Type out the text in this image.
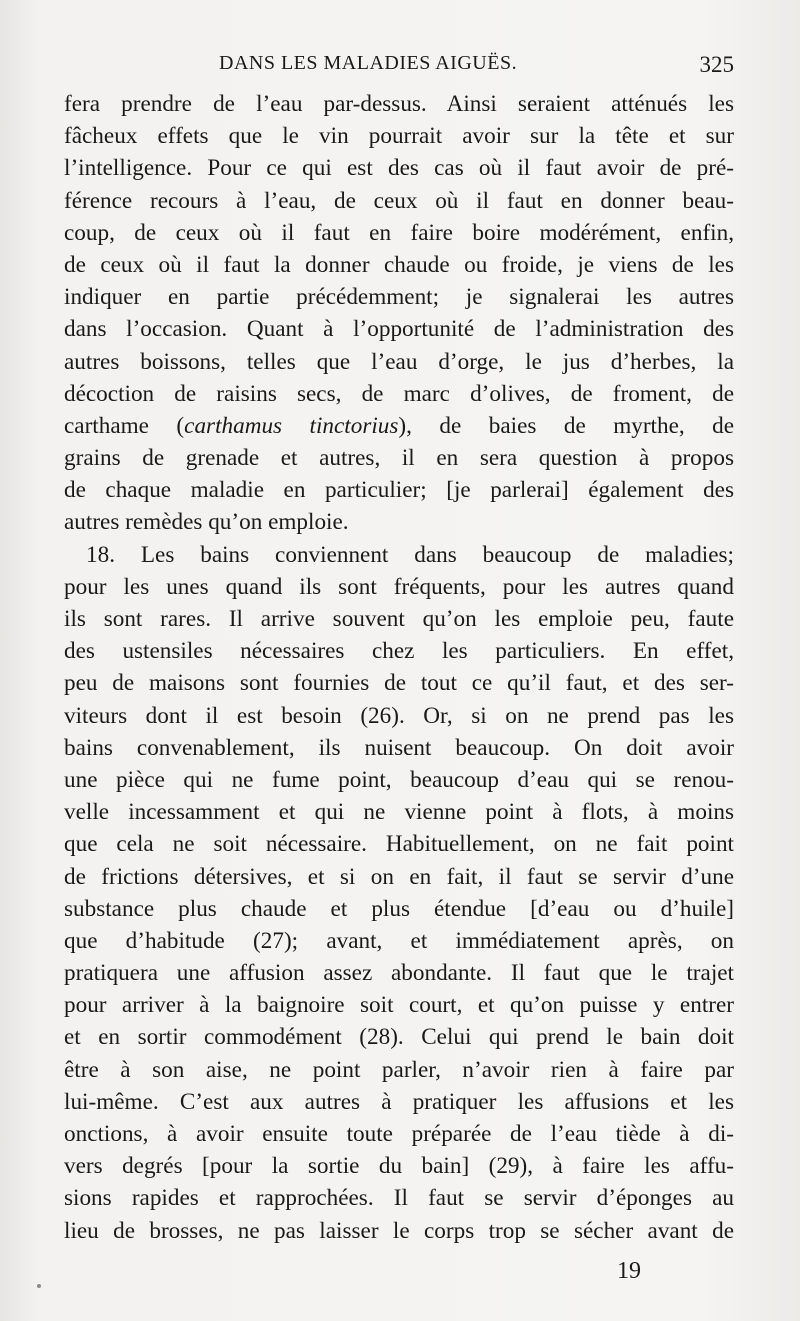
DANS LES MALADIES AIGUËS.	325
fera prendre de l’eau par-dessus. Ainsi seraient atténués les
fâcheux effets que le vin pourrait avoir sur la tête et sur
l’intelligence. Pour ce qui est des cas où il faut avoir de pré-
férence recours à l’eau, de ceux où il faut en donner beau-
coup, de ceux où il faut en faire boire modérément, enfin,
de ceux où il faut la donner chaude ou froide, je viens de les
indiquer en partie précédemment; je signalerai les autres
dans l’occasion. Quant à l’opportunité de l’administration des
autres boissons, telles que l’eau d’orge, le jus d’herbes, la
décoction de raisins secs, de marc d’olives, de froment, de
carthame (carthamus tinctorius), de baies de myrthe, de
grains de grenade et autres, il en sera question à propos
de chaque maladie en particulier; [je parlerai] également des
autres remèdes qu’on emploie.
18. Les bains conviennent dans beaucoup de maladies;
pour les unes quand ils sont fréquents, pour les autres quand
ils sont rares. Il arrive souvent qu’on les emploie peu, faute
des ustensiles nécessaires chez les particuliers. En effet,
peu de maisons sont fournies de tout ce qu’il faut, et des ser-
viteurs dont il est besoin (26). Or, si on ne prend pas les
bains convenablement, ils nuisent beaucoup. On doit avoir
une pièce qui ne fume point, beaucoup d’eau qui se renou-
velle incessamment et qui ne vienne point à flots, à moins
que cela ne soit nécessaire. Habituellement, on ne fait point
de frictions détersives, et si on en fait, il faut se servir d’une
substance plus chaude et plus étendue [d’eau ou d’huile]
que d’habitude (27); avant, et immédiatement après, on
pratiquera une affusion assez abondante. Il faut que le trajet
pour arriver à la baignoire soit court, et qu’on puisse y entrer
et en sortir commodément (28). Celui qui prend le bain doit
être à son aise, ne point parler, n’avoir rien à faire par
lui-même. C’est aux autres à pratiquer les affusions et les
onctions, à avoir ensuite toute préparée de l’eau tiède à di-
vers degrés [pour la sortie du bain] (29), à faire les affu-
sions rapides et rapprochées. Il faut se servir d’éponges au
lieu de brosses, ne pas laisser le corps trop se sécher avant de
19
